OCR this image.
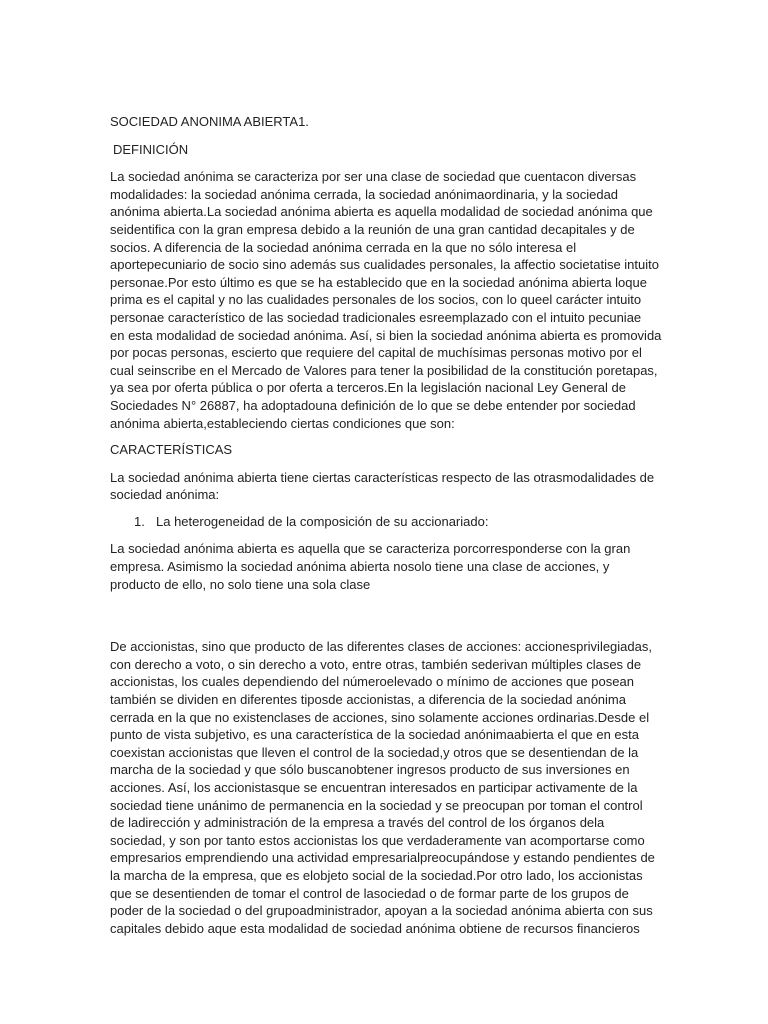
SOCIEDAD ANONIMA ABIERTA1.
DEFINICIÓN
La sociedad anónima se caracteriza por ser una clase de sociedad que cuentacon diversas
modalidades: la sociedad anónima cerrada, la sociedad anónimaordinaria, y la sociedad
anónima abierta.La sociedad anónima abierta es aquella modalidad de sociedad anónima que
seidentifica con la gran empresa debido a la reunión de una gran cantidad decapitales y de
socios. A diferencia de la sociedad anónima cerrada en la que no sólo interesa el
aportepecuniario de socio sino además sus cualidades personales, la affectio societatise intuito
personae.Por esto último es que se ha establecido que en la sociedad anónima abierta loque
prima es el capital y no las cualidades personales de los socios, con lo queel carácter intuito
personae característico de las sociedad tradicionales esreemplazado con el intuito pecuniae
en esta modalidad de sociedad anónima. Así, si bien la sociedad anónima abierta es promovida
por pocas personas, escierto que requiere del capital de muchísimas personas motivo por el
cual seinscribe en el Mercado de Valores para tener la posibilidad de la constitución poretapas,
ya sea por oferta pública o por oferta a terceros.En la legislación nacional Ley General de
Sociedades N° 26887, ha adoptadouna definición de lo que se debe entender por sociedad
anónima abierta,estableciendo ciertas condiciones que son:
CARACTERÍSTICAS
La sociedad anónima abierta tiene ciertas características respecto de las otrasmodalidades de
sociedad anónima:
1. La heterogeneidad de la composición de su accionariado:
La sociedad anónima abierta es aquella que se caracteriza porcorresponderse con la gran
empresa. Asimismo la sociedad anónima abierta nosolo tiene una clase de acciones, y
producto de ello, no solo tiene una sola clase
De accionistas, sino que producto de las diferentes clases de acciones: accionesprivilegiadas,
con derecho a voto, o sin derecho a voto, entre otras, también sederivan múltiples clases de
accionistas, los cuales dependiendo del númeroelevado o mínimo de acciones que posean
también se dividen en diferentes tiposde accionistas, a diferencia de la sociedad anónima
cerrada en la que no existenclases de acciones, sino solamente acciones ordinarias.Desde el
punto de vista subjetivo, es una característica de la sociedad anónimaabierta el que en esta
coexistan accionistas que lleven el control de la sociedad,y otros que se desentiendan de la
marcha de la sociedad y que sólo buscanobtener ingresos producto de sus inversiones en
acciones. Así, los accionistasque se encuentran interesados en participar activamente de la
sociedad tiene unánimo de permanencia en la sociedad y se preocupan por toman el control
de ladirección y administración de la empresa a través del control de los órganos dela
sociedad, y son por tanto estos accionistas los que verdaderamente van acomportarse como
empresarios emprendiendo una actividad empresarialpreocupándose y estando pendientes de
la marcha de la empresa, que es elobjeto social de la sociedad.Por otro lado, los accionistas
que se desentienden de tomar el control de lasociedad o de formar parte de los grupos de
poder de la sociedad o del grupoadministrador, apoyan a la sociedad anónima abierta con sus
capitales debido aque esta modalidad de sociedad anónima obtiene de recursos financieros
